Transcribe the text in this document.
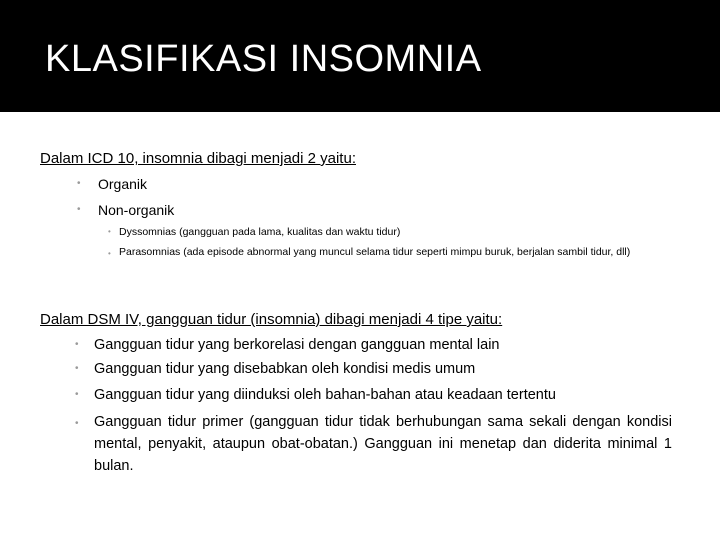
KLASIFIKASI INSOMNIA
Dalam ICD 10, insomnia dibagi menjadi 2 yaitu:
• Organik
• Non-organik
• Dyssomnias (gangguan pada lama, kualitas dan waktu tidur)
• Parasomnias (ada episode abnormal yang muncul selama tidur seperti mimpu buruk, berjalan sambil tidur, dll)
Dalam DSM IV, gangguan tidur (insomnia) dibagi menjadi 4 tipe yaitu:
• Gangguan tidur yang berkorelasi dengan gangguan mental lain
• Gangguan tidur yang disebabkan oleh kondisi medis umum
• Gangguan tidur yang diinduksi oleh bahan-bahan atau keadaan tertentu
• Gangguan tidur primer (gangguan tidur tidak berhubungan sama sekali dengan kondisi mental, penyakit, ataupun obat-obatan.) Gangguan ini menetap dan diderita minimal 1 bulan.
